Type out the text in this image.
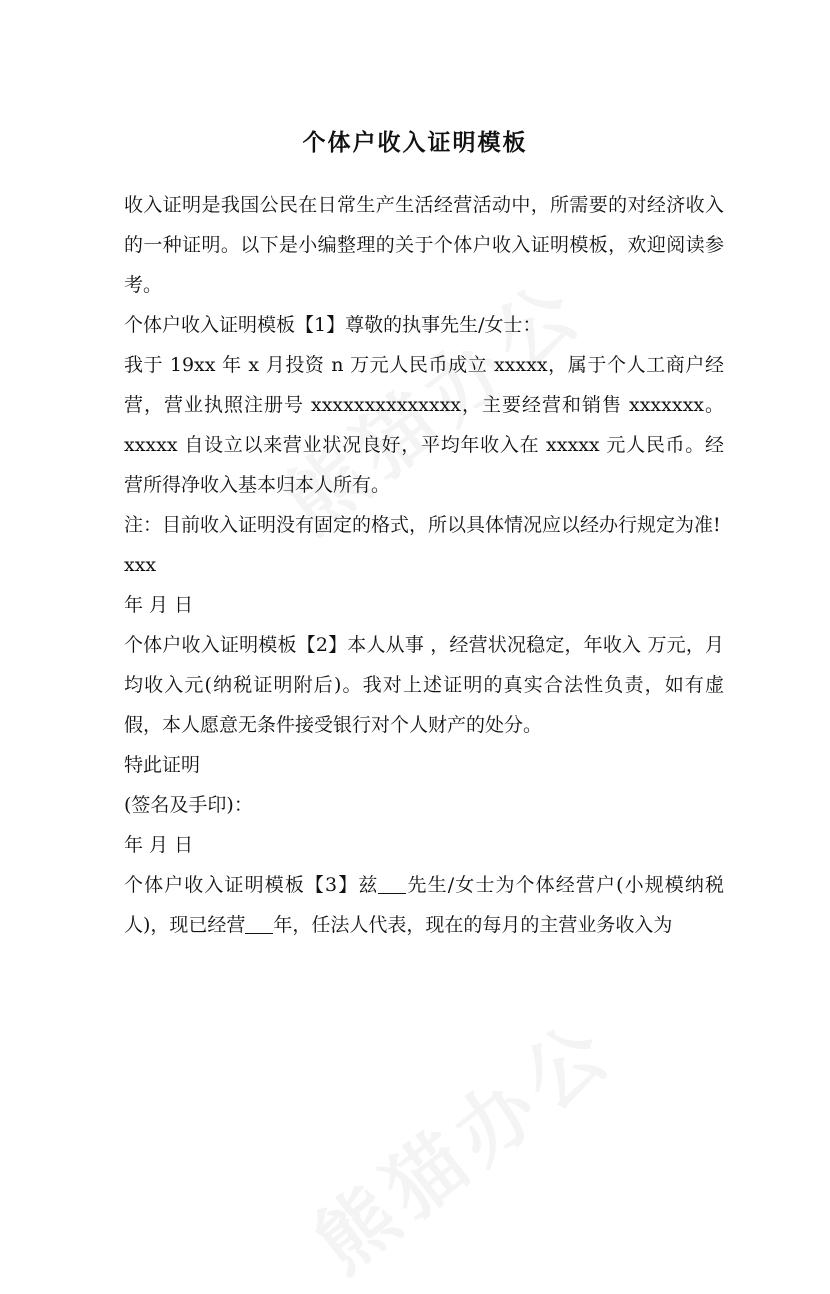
个体户收入证明模板

收入证明是我国公民在日常生产生活经营活动中，所需要的对经济收入的一种证明。以下是小编整理的关于个体户收入证明模板，欢迎阅读参考。

个体户收入证明模板【1】尊敬的执事先生/女士：

我于 19xx 年 x 月投资 n 万元人民币成立 xxxxx，属于个人工商户经营，营业执照注册号 xxxxxxxxxxxxxx，主要经营和销售 xxxxxxx。xxxxx 自设立以来营业状况良好，平均年收入在 xxxxx 元人民币。经营所得净收入基本归本人所有。

注：目前收入证明没有固定的格式，所以具体情况应以经办行规定为准!

xxx

年 月 日

个体户收入证明模板【2】本人从事 ，经营状况稳定，年收入 万元，月均收入元(纳税证明附后)。我对上述证明的真实合法性负责，如有虚假，本人愿意无条件接受银行对个人财产的处分。

特此证明

(签名及手印)：

年 月 日

个体户收入证明模板【3】兹 先生/女士为个体经营户(小规模纳税人)，现已经营 年，任法人代表，现在的每月的主营业务收入为
